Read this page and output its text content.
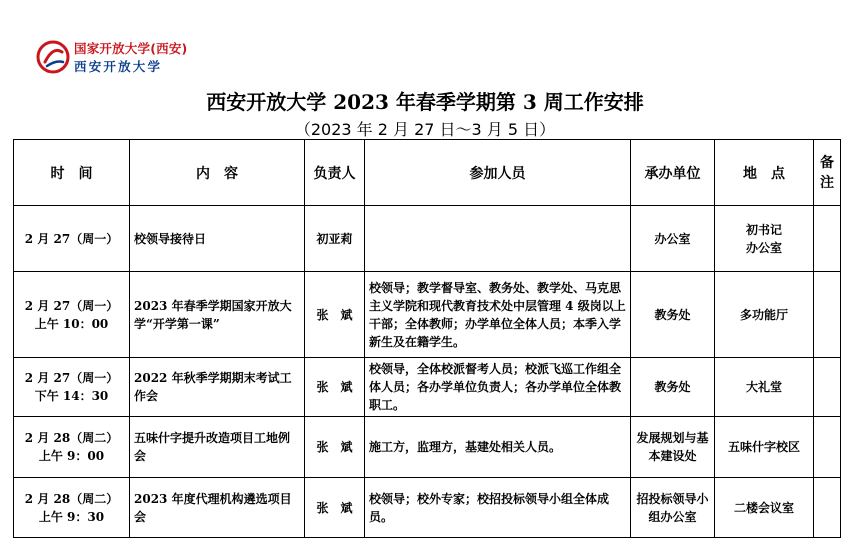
国家开放大学(西安)
西安开放大学
西安开放大学 2023 年春季学期第 3 周工作安排
（2023 年 2 月 27 日～3 月 5 日）
时　间	内　容	负责人	参加人员	承办单位	地　点	备注

2 月 27（周一）	校领导接待日	初亚莉		办公室	初书记
办公室	

2 月 27（周一）
上午 10：00	2023 年春季学期国家开放大学“开学第一课”	张　斌	校领导；教学督导室、教务处、教学处、马克思主义学院和现代教育技术处中层管理 4 级岗以上干部；全体教师；办学单位全体人员；本季入学新生及在籍学生。	教务处	多功能厅	

2 月 27（周一）
下午 14：30	2022 年秋季学期期末考试工作会	张　斌	校领导，全体校派督考人员；校派飞巡工作组全体人员；各办学单位负责人；各办学单位全体教职工。	教务处	大礼堂	

2 月 28（周二）
上午 9：00	五味什字提升改造项目工地例会	张　斌	施工方，监理方，基建处相关人员。	发展规划与基本建设处	五味什字校区	

2 月 28（周二）
上午 9：30	2023 年度代理机构遴选项目会	张　斌	校领导；校外专家；校招投标领导小组全体成员。	招投标领导小组办公室	二楼会议室	
